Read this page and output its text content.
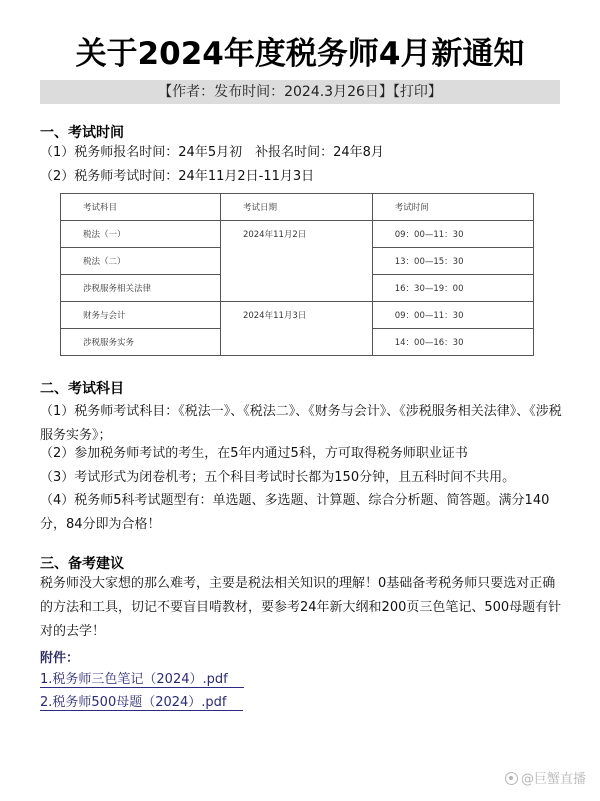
关于2024年度税务师4月新通知
【作者：发布时间：2024.3月26日】【打印】
一、考试时间
（1）税务师报名时间：24年5月初　补报名时间：24年8月
（2）税务师考试时间：24年11月2日-11月3日
考试科目	考试日期	考试时间
税法（一）	2024年11月2日	09：00—11：30
税法（二）		13：00—15：30
涉税服务相关法律		16：30—19：00
财务与会计	2024年11月3日	09：00—11：30
涉税服务实务		14：00—16：30
二、考试科目
（1）税务师考试科目：《税法一》、《税法二》、《财务与会计》、《涉税服务相关法律》、《涉税服务实务》；
（2）参加税务师考试的考生，在5年内通过5科，方可取得税务师职业证书
（3）考试形式为闭卷机考；五个科目考试时长都为150分钟，且五科时间不共用。
（4）税务师5科考试题型有：单选题、多选题、计算题、综合分析题、简答题。满分140分，84分即为合格！
三、备考建议
税务师没大家想的那么难考，主要是税法相关知识的理解！0基础备考税务师只要选对正确的方法和工具，切记不要盲目啃教材，要参考24年新大纲和200页三色笔记、500母题有针对的去学！
附件：
1.税务师三色笔记（2024）.pdf
2.税务师500母题（2024）.pdf
@巨蟹直播
